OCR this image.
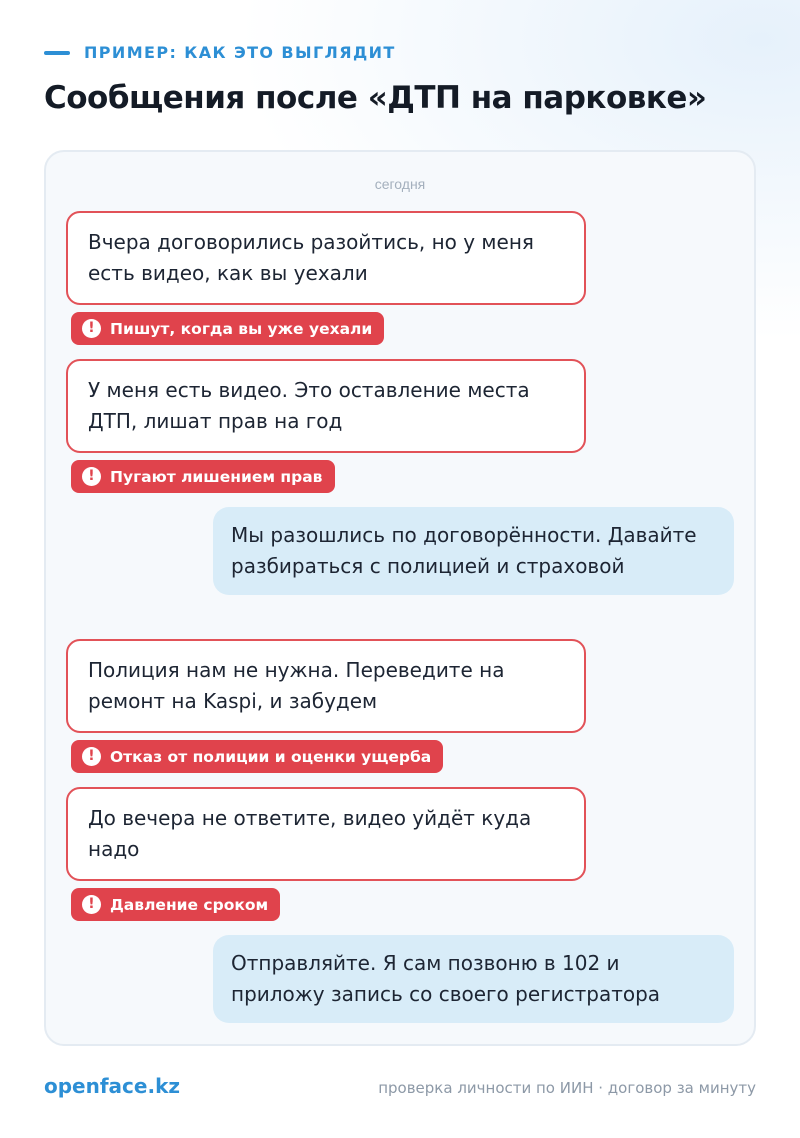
ПРИМЕР: КАК ЭТО ВЫГЛЯДИТ
Сообщения после «ДТП на парковке»
сегодня
Вчера договорились разойтись, но у меня есть видео, как вы уехали
! Пишут, когда вы уже уехали
У меня есть видео. Это оставление места ДТП, лишат прав на год
! Пугают лишением прав
Мы разошлись по договорённости. Давайте разбираться с полицией и страховой
Полиция нам не нужна. Переведите на ремонт на Kaspi, и забудем
! Отказ от полиции и оценки ущерба
До вечера не ответите, видео уйдёт куда надо
! Давление сроком
Отправляйте. Я сам позвоню в 102 и приложу запись со своего регистратора
openface.kz	проверка личности по ИИН · договор за минуту
